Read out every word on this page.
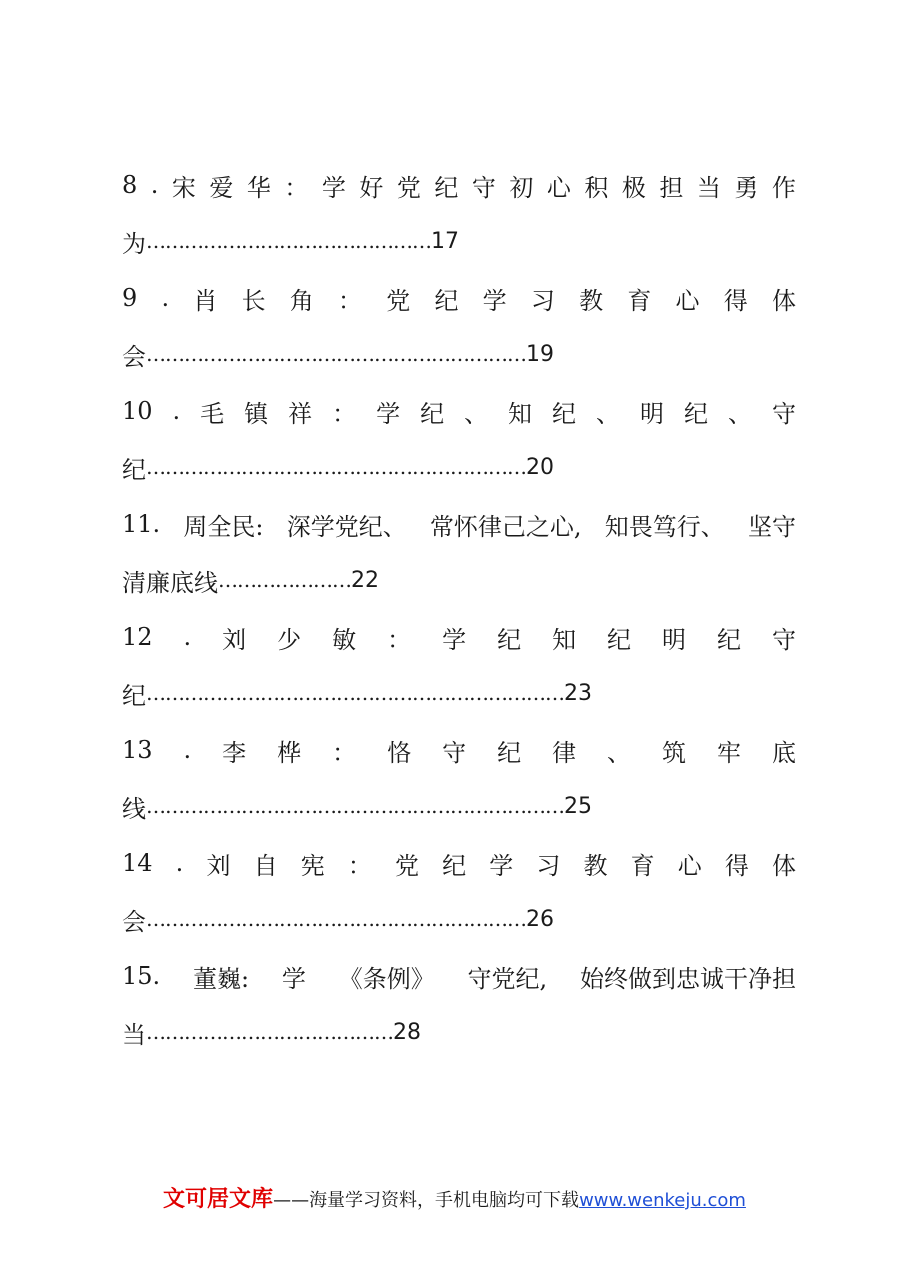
8 . 宋 爱 华 ： 学 好 党 纪 守 初 心 积 极 担 当 勇 作
为 ……………………………………… 17
9 . 肖 长 角 ： 党 纪 学 习 教 育 心 得 体
会 …………………………………………………… 19
10 . 毛 镇 祥 ： 学 纪 、 知 纪 、 明 纪 、 守
纪 …………………………………………………… 20
11. 周全民: 深学党纪、 常怀律己之心, 知畏笃行、 坚守
清廉底线 ………………… 22
12 . 刘 少 敏 ： 学 纪 知 纪 明 纪 守
纪 ………………………………………………………… 23
13 . 李 桦 ： 恪 守 纪 律 、 筑 牢 底
线 ………………………………………………………… 25
14 . 刘 自 宪 ： 党 纪 学 习 教 育 心 得 体
会 …………………………………………………… 26
15. 董巍: 学 《条例》 守党纪, 始终做到忠诚干净担
当 ………………………………… 28
文可居文库——海量学习资料，手机电脑均可下载www.wenkeju.com
